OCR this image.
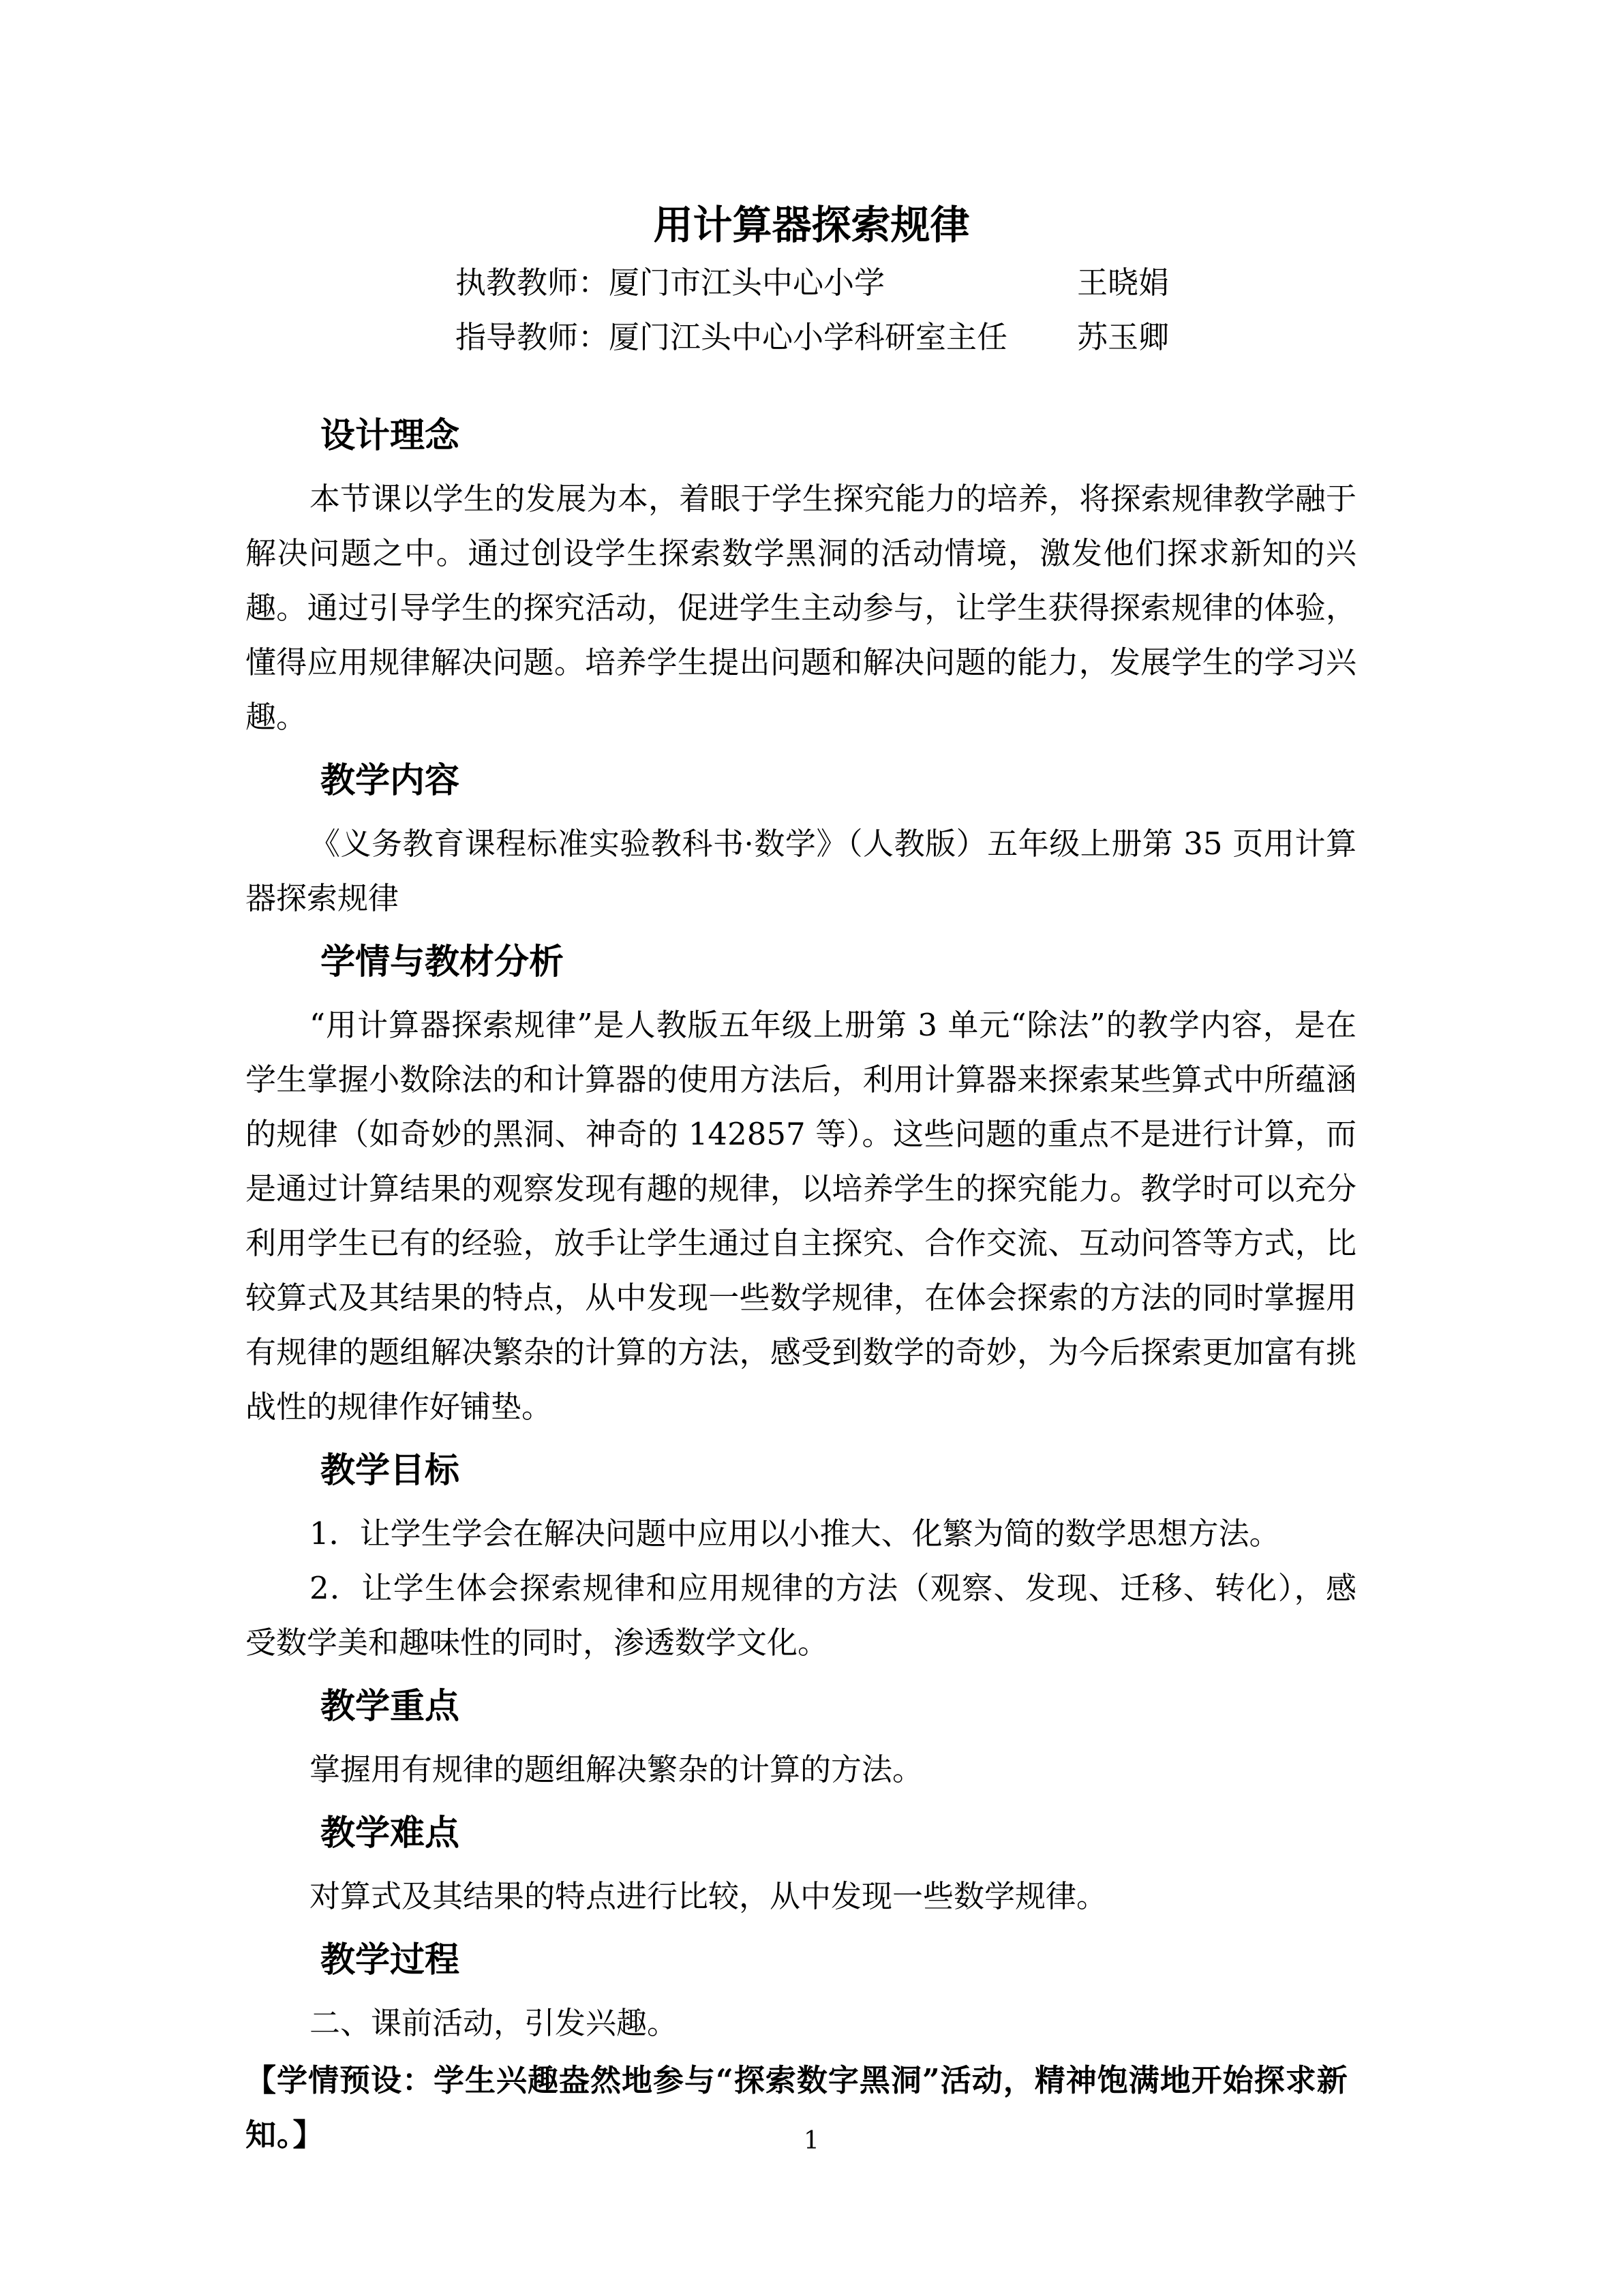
用计算器探索规律
执教教师：厦门市江头中心小学	王晓娟
指导教师：厦门江头中心小学科研室主任 苏玉卿
设计理念

本节课以学生的发展为本，着眼于学生探究能力的培养，将探索规律教学融于解决问题之中。通过创设学生探索数学黑洞的活动情境，激发他们探求新知的兴趣。通过引导学生的探究活动，促进学生主动参与，让学生获得探索规律的体验，懂得应用规律解决问题。培养学生提出问题和解决问题的能力，发展学生的学习兴趣。

教学内容

《义务教育课程标准实验教科书·数学》（人教版）五年级上册第 35 页用计算器探索规律

学情与教材分析

“用计算器探索规律”是人教版五年级上册第 3 单元“除法”的教学内容，是在学生掌握小数除法的和计算器的使用方法后，利用计算器来探索某些算式中所蕴涵的规律（如奇妙的黑洞、神奇的 142857 等）。这些问题的重点不是进行计算，而是通过计算结果的观察发现有趣的规律，以培养学生的探究能力。教学时可以充分利用学生已有的经验，放手让学生通过自主探究、合作交流、互动问答等方式，比较算式及其结果的特点，从中发现一些数学规律，在体会探索的方法的同时掌握用有规律的题组解决繁杂的计算的方法，感受到数学的奇妙，为今后探索更加富有挑战性的规律作好铺垫。

教学目标

1．让学生学会在解决问题中应用以小推大、化繁为简的数学思想方法。

2．让学生体会探索规律和应用规律的方法（观察、发现、迁移、转化），感受数学美和趣味性的同时，渗透数学文化。

教学重点

掌握用有规律的题组解决繁杂的计算的方法。

教学难点

对算式及其结果的特点进行比较，从中发现一些数学规律。

教学过程

二、课前活动，引发兴趣。

【学情预设：学生兴趣盎然地参与“探索数字黑洞”活动，精神饱满地开始探求新知。】	1
